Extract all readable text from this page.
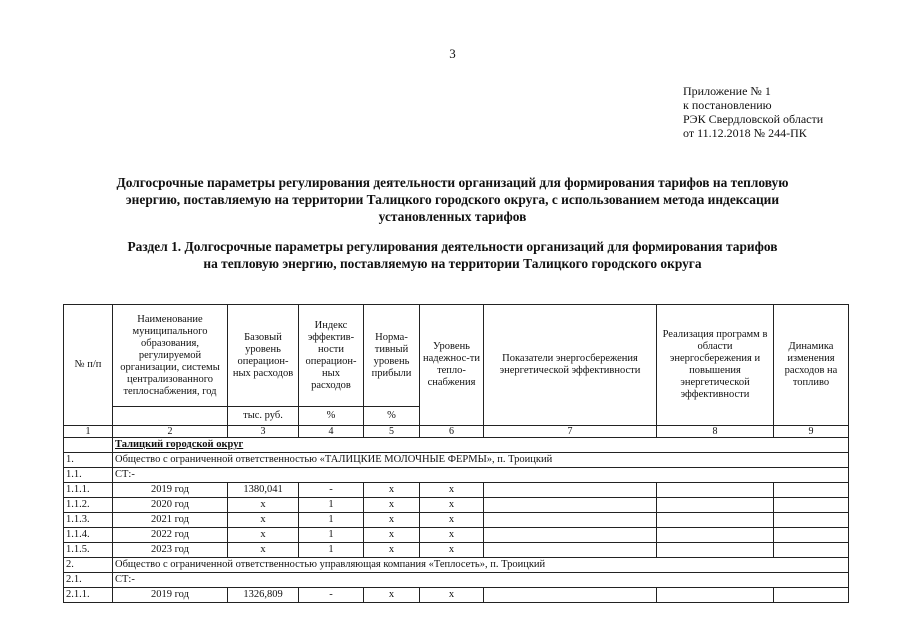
3
Приложение № 1
к постановлению
РЭК Свердловской области
от 11.12.2018 № 244-ПК
Долгосрочные параметры регулирования деятельности организаций для формирования тарифов на тепловую
энергию, поставляемую на территории Талицкого городского округа, с использованием метода индексации
установленных тарифов
Раздел 1. Долгосрочные параметры регулирования деятельности организаций для формирования тарифов
на тепловую энергию, поставляемую на территории Талицкого городского округа
№ п/п	Наименование муниципального образования, регулируемой организации, системы централизованного теплоснабжения, год	Базовый уровень операцион-ных расходов	Индекс эффектив-ности операцион-ных расходов	Норма-тивный уровень прибыли	Уровень надежнос-ти тепло-снабжения	Показатели энергосбережения энергетической эффективности	Реализация программ в области энергосбережения и повышения энергетической эффективности	Динамика изменения расходов на топливо
		тыс. руб.	%	%				
1	2	3	4	5	6	7	8	9
	Талицкий городской округ							
1.	Общество с ограниченной ответственностью «ТАЛИЦКИЕ МОЛОЧНЫЕ ФЕРМЫ», п. Троицкий							
1.1.	СТ:-							
1.1.1.	2019 год	1380,041	-	х	х			
1.1.2.	2020 год	х	1	х	х			
1.1.3.	2021 год	х	1	х	х			
1.1.4.	2022 год	х	1	х	х			
1.1.5.	2023 год	х	1	х	х			
2.	Общество с ограниченной ответственностью управляющая компания «Теплосеть», п. Троицкий							
2.1.	СТ:-							
2.1.1.	2019 год	1326,809	-	х	х			
